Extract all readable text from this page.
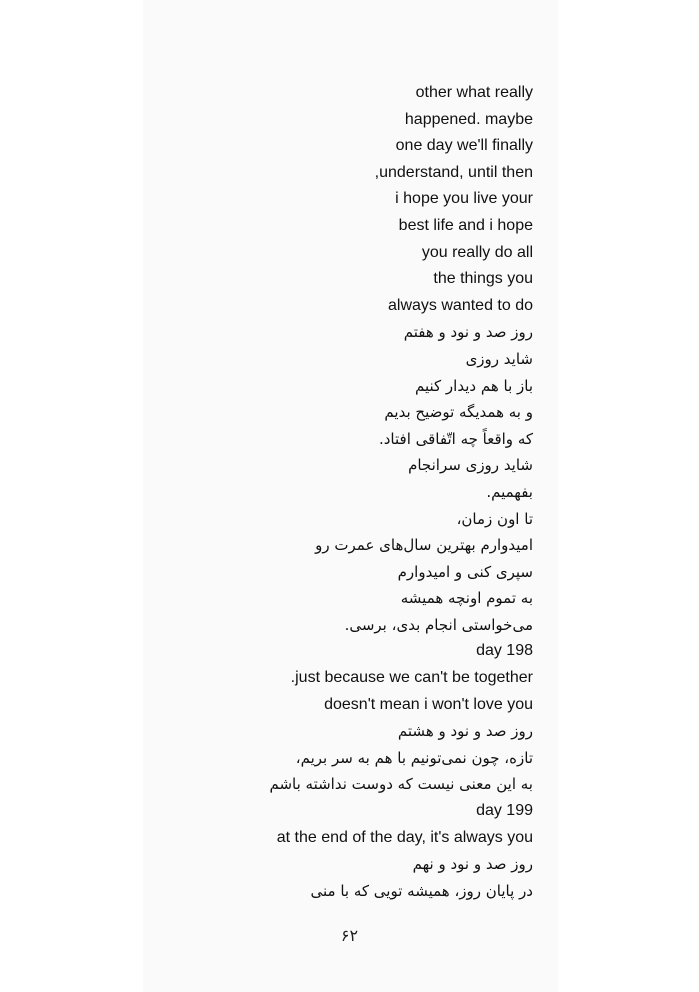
other what really
happened. maybe
one day we'll finally
,understand, until then
i hope you live your
best life and i hope
you really do all
the things you
always wanted to do
روز صد و نود و هفتم
شاید روزی
باز با هم دیدار کنیم
و به همدیگه توضیح بدیم
که واقعاً چه اتّفاقی افتاد.
شاید روزی سرانجام
بفهمیم.
تا اون زمان،
امیدوارم بهترین سال‌های عمرت رو
سپری کنی و امیدوارم
به تموم اونچه همیشه
می‌خواستی انجام بدی، برسی.
day 198
.just because we can't be together
doesn't mean i won't love you
روز صد و نود و هشتم
تازه، چون نمی‌تونیم با هم به سر بریم،
به این معنی نیست که دوست نداشته باشم
day 199
at the end of the day, it's always you
روز صد و نود و نهم
در پایان روز، همیشه تویی که با منی
۶۲
